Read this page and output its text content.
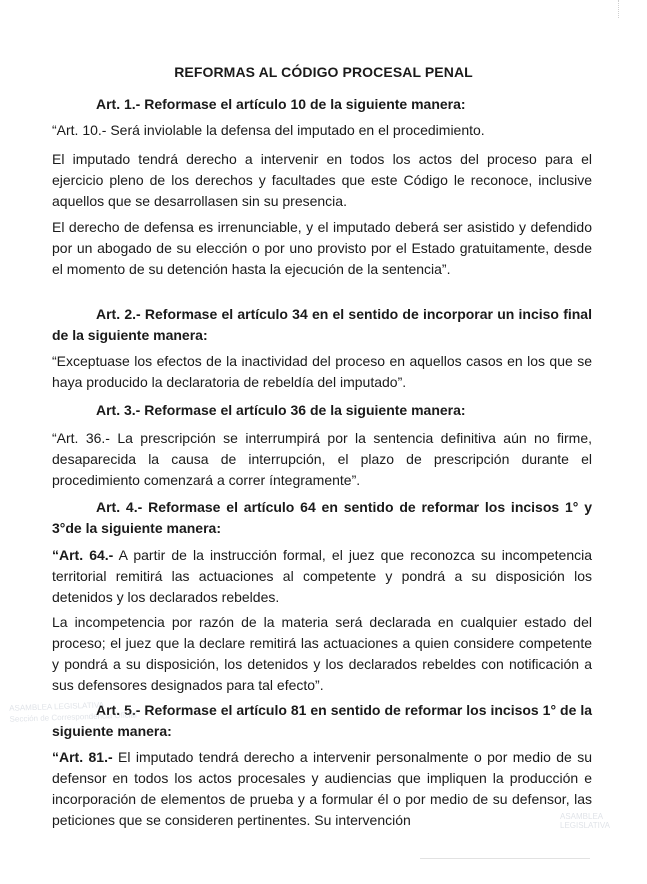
REFORMAS AL CÓDIGO PROCESAL PENAL
Art. 1.- Reformase el artículo 10 de la siguiente manera:
“Art. 10.- Será inviolable la defensa del imputado en el procedimiento.
El imputado tendrá derecho a intervenir en todos los actos del proceso para el ejercicio pleno de los derechos y facultades que este Código le reconoce, inclusive aquellos que se desarrollasen sin su presencia.
El derecho de defensa es irrenunciable, y el imputado deberá ser asistido y defendido por un abogado de su elección o por uno provisto por el Estado gratuitamente, desde el momento de su detención hasta la ejecución de la sentencia”.
Art. 2.- Reformase el artículo 34 en el sentido de incorporar un inciso final de la siguiente manera:
“Exceptuase los efectos de la inactividad del proceso en aquellos casos en los que se haya producido la declaratoria de rebeldía del imputado”.
Art. 3.- Reformase el artículo 36 de la siguiente manera:
“Art. 36.- La prescripción se interrumpirá por la sentencia definitiva aún no firme, desaparecida la causa de interrupción, el plazo de prescripción durante el procedimiento comenzará a correr íntegramente”.
Art. 4.- Reformase el artículo 64 en sentido de reformar los incisos 1° y 3°de la siguiente manera:
“Art. 64.- A partir de la instrucción formal, el juez que reconozca su incompetencia territorial remitirá las actuaciones al competente y pondrá a su disposición los detenidos y los declarados rebeldes.
La incompetencia por razón de la materia será declarada en cualquier estado del proceso; el juez que la declare remitirá las actuaciones a quien considere competente y pondrá a su disposición, los detenidos y los declarados rebeldes con notificación a sus defensores designados para tal efecto”.
Art. 5.- Reformase el artículo 81 en sentido de reformar los incisos 1° de la siguiente manera:
“Art. 81.- El imputado tendrá derecho a intervenir personalmente o por medio de su defensor en todos los actos procesales y audiencias que impliquen la producción e incorporación de elementos de prueba y a formular él o por medio de su defensor, las peticiones que se consideren pertinentes. Su intervención
ASAMBLEA LEGISLATIVA
Sección de Correspondencia Oficial
ASAMBLEA LEGISLATIVA
